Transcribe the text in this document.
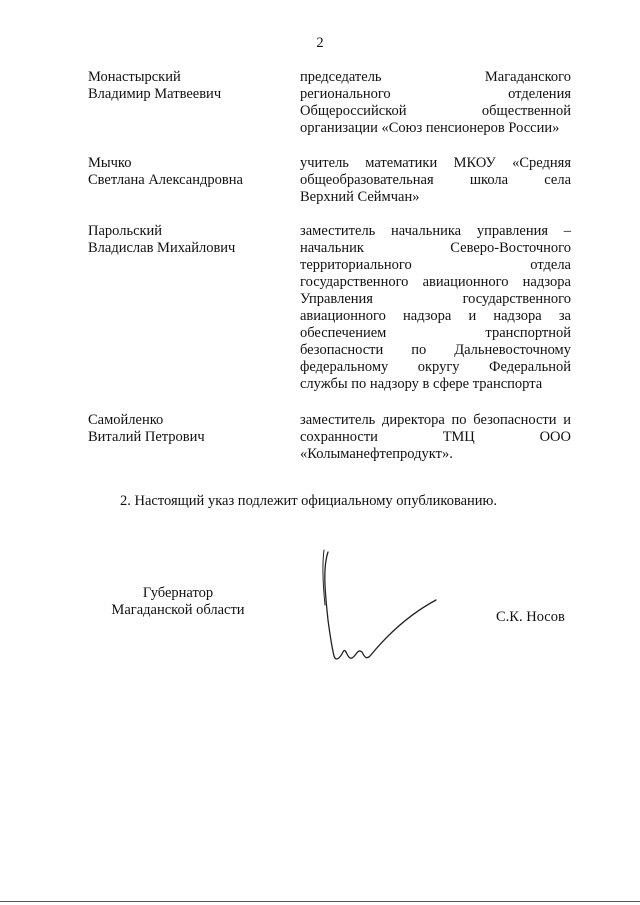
2
Монастырский
Владимир Матвеевич
председатель Магаданского
регионального отделения
Общероссийской общественной
организации «Союз пенсионеров России»
Мычко
Светлана Александровна
учитель математики МКОУ «Средняя
общеобразовательная школа села
Верхний Сеймчан»
Парольский
Владислав Михайлович
заместитель начальника управления –
начальник Северо-Восточного
территориального отдела
государственного авиационного надзора
Управления государственного
авиационного надзора и надзора за
обеспечением транспортной
безопасности по Дальневосточному
федеральному округу Федеральной
службы по надзору в сфере транспорта
Самойленко
Виталий Петрович
заместитель директора по безопасности и
сохранности ТМЦ ООО
«Колыманефтепродукт».
2. Настоящий указ подлежит официальному опубликованию.
Губернатор
Магаданской области	С.К. Носов
